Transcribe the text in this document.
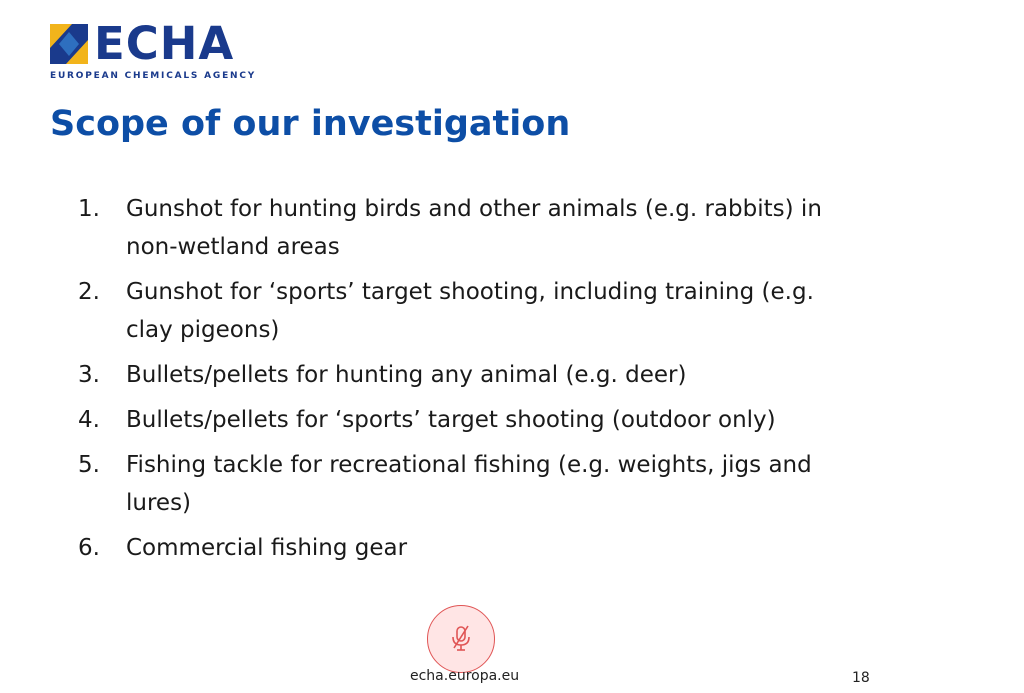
ECHA
EUROPEAN CHEMICALS AGENCY
Scope of our investigation
1.	Gunshot for hunting birds and other animals (e.g. rabbits) in non-wetland areas
2.	Gunshot for ‘sports’ target shooting, including training (e.g. clay pigeons)
3.	Bullets/pellets for hunting any animal (e.g. deer)
4.	Bullets/pellets for ‘sports’ target shooting (outdoor only)
5.	Fishing tackle for recreational fishing (e.g. weights, jigs and lures)
6.	Commercial fishing gear
echa.europa.eu	18
